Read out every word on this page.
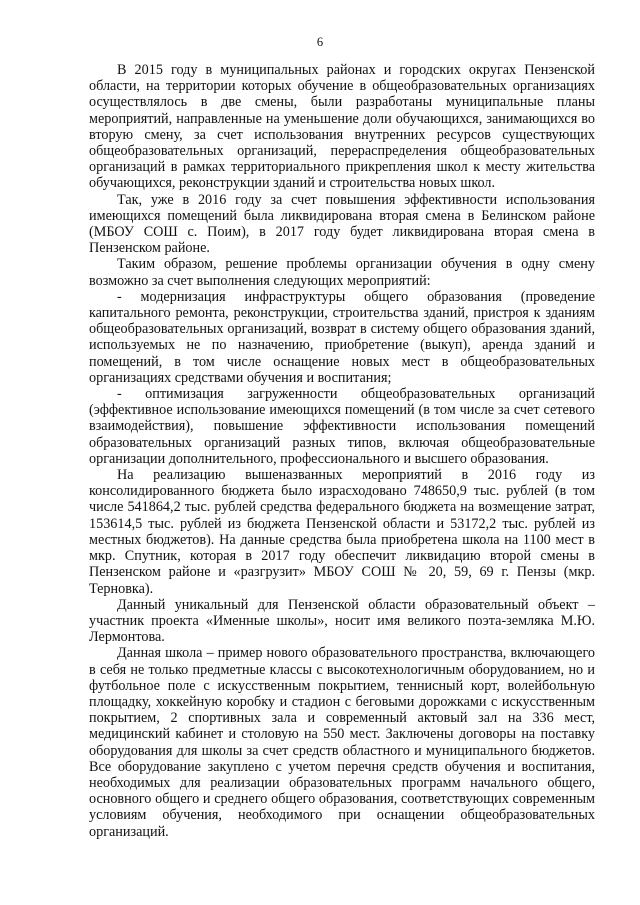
6

В 2015 году в муниципальных районах и городских округах Пензенской области, на территории которых обучение в общеобразовательных организациях осуществлялось в две смены, были разработаны муниципальные планы мероприятий, направленные на уменьшение доли обучающихся, занимающихся во вторую смену, за счет использования внутренних ресурсов существующих общеобразовательных организаций, перераспределения общеобразовательных организаций в рамках территориального прикрепления школ к месту жительства обучающихся, реконструкции зданий и строительства новых школ.

Так, уже в 2016 году за счет повышения эффективности использования имеющихся помещений была ликвидирована вторая смена в Белинском районе (МБОУ СОШ с. Поим), в 2017 году будет ликвидирована вторая смена в Пензенском районе.

Таким образом, решение проблемы организации обучения в одну смену возможно за счет выполнения следующих мероприятий:

- модернизация инфраструктуры общего образования (проведение капитального ремонта, реконструкции, строительства зданий, пристроя к зданиям общеобразовательных организаций, возврат в систему общего образования зданий, используемых не по назначению, приобретение (выкуп), аренда зданий и помещений, в том числе оснащение новых мест в общеобразовательных организациях средствами обучения и воспитания;

- оптимизация загруженности общеобразовательных организаций (эффективное использование имеющихся помещений (в том числе за счет сетевого взаимодействия), повышение эффективности использования помещений образовательных организаций разных типов, включая общеобразовательные организации дополнительного, профессионального и высшего образования.

На реализацию вышеназванных мероприятий в 2016 году из консолидированного бюджета было израсходовано 748650,9 тыс. рублей (в том числе 541864,2 тыс. рублей средства федерального бюджета на возмещение затрат, 153614,5 тыс. рублей из бюджета Пензенской области и 53172,2 тыс. рублей из местных бюджетов). На данные средства была приобретена школа на 1100 мест в мкр. Спутник, которая в 2017 году обеспечит ликвидацию второй смены в Пензенском районе и «разгрузит» МБОУ СОШ № 20, 59, 69 г. Пензы (мкр. Терновка).

Данный уникальный для Пензенской области образовательный объект – участник проекта «Именные школы», носит имя великого поэта-земляка М.Ю. Лермонтова.

Данная школа – пример нового образовательного пространства, включающего в себя не только предметные классы с высокотехнологичным оборудованием, но и футбольное поле с искусственным покрытием, теннисный корт, волейбольную площадку, хоккейную коробку и стадион с беговыми дорожками с искусственным покрытием, 2 спортивных зала и современный актовый зал на 336 мест, медицинский кабинет и столовую на 550 мест. Заключены договоры на поставку оборудования для школы за счет средств областного и муниципального бюджетов. Все оборудование закуплено с учетом перечня средств обучения и воспитания, необходимых для реализации образовательных программ начального общего, основного общего и среднего общего образования, соответствующих современным условиям обучения, необходимого при оснащении общеобразовательных организаций.
